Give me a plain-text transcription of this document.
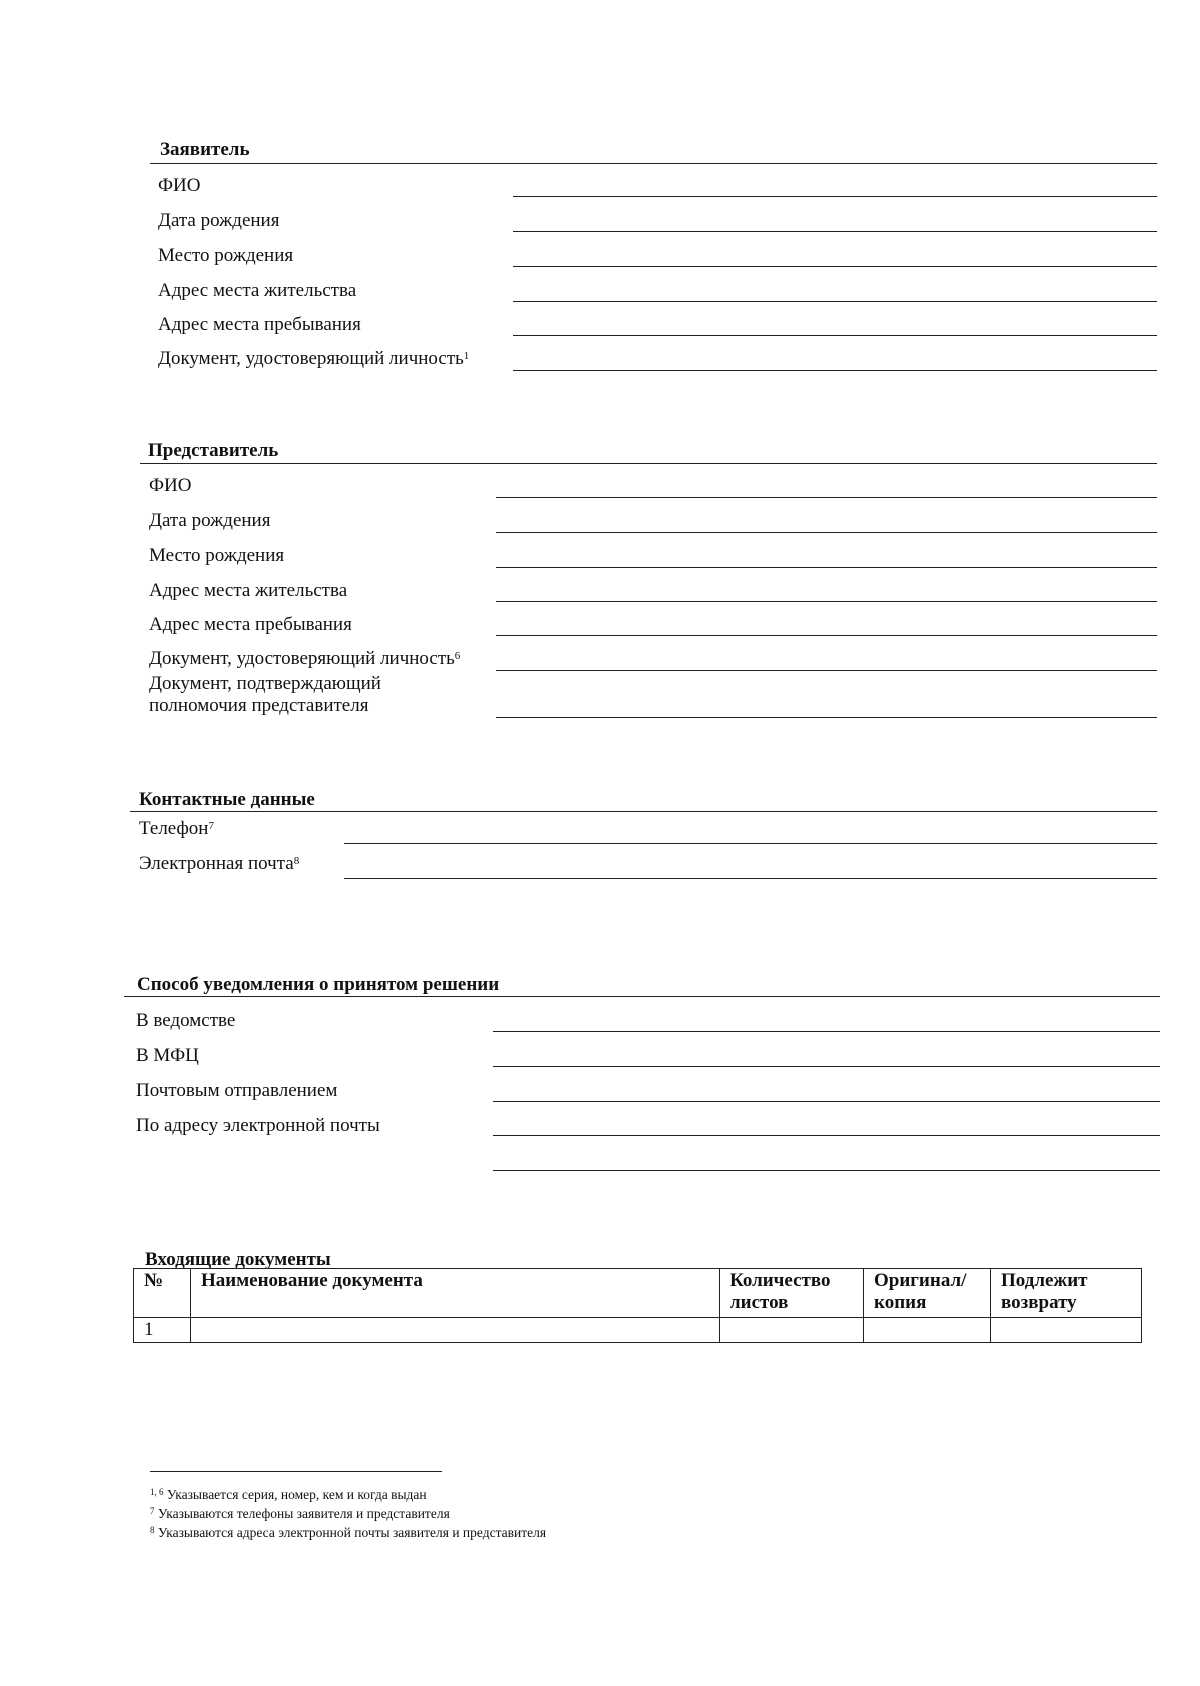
Заявитель
ФИО
Дата рождения
Место рождения
Адрес места жительства
Адрес места пребывания
Документ, удостоверяющий личность$^1$
Представитель
ФИО
Дата рождения
Место рождения
Адрес места жительства
Адрес места пребывания
Документ, удостоверяющий личность$^6$
Документ, подтверждающий
полномочия представителя
Контактные данные
Телефон$^7$
Электронная почта$^8$
Способ уведомления о принятом решении
В ведомстве
В МФЦ
Почтовым отправлением
По адресу электронной почты
Входящие документы
№	Наименование документа	Количество листов	Оригинал/ копия	Подлежит возврату
1				
$^{1, 6}$ Указывается серия, номер, кем и когда выдан
$^7$ Указываются телефоны заявителя и представителя
$^8$ Указываются адреса электронной почты заявителя и представителя
